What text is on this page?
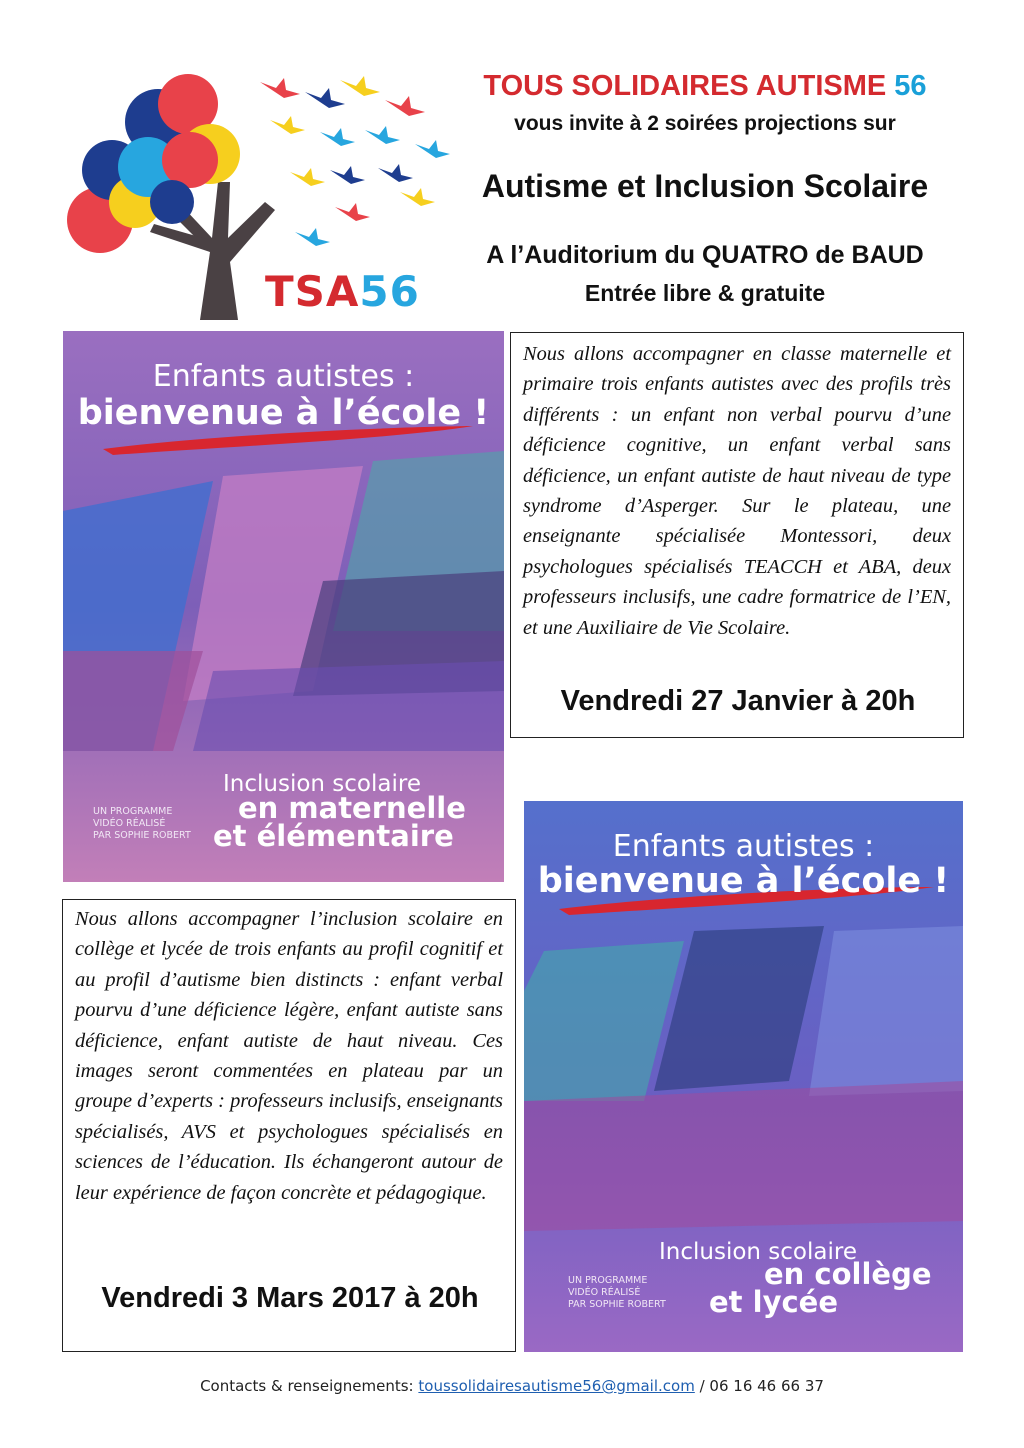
TSA56
TOUS SOLIDAIRES AUTISME 56
vous invite à 2 soirées projections sur
Autisme et Inclusion Scolaire
A l’Auditorium du QUATRO de BAUD
Entrée libre & gratuite
Enfants autistes :
bienvenue à l’école !
Inclusion scolaire
en maternelle
et élémentaire
UN PROGRAMME
VIDÉO RÉALISÉ
PAR SOPHIE ROBERT
Nous allons accompagner en classe maternelle et primaire trois enfants autistes avec des profils très différents : un enfant non verbal pourvu d’une déficience cognitive, un enfant verbal sans déficience, un enfant autiste de haut niveau de type syndrome d’Asperger. Sur le plateau, une enseignante spécialisée Montessori, deux psychologues spécialisés TEACCH et ABA, deux professeurs inclusifs, une cadre formatrice de l’EN, et une Auxiliaire de Vie Scolaire.
Vendredi 27 Janvier à 20h
Nous allons accompagner l’inclusion scolaire en collège et lycée de trois enfants au profil cognitif et au profil d’autisme bien distincts : enfant verbal pourvu d’une déficience légère, enfant autiste sans déficience, enfant autiste de haut niveau. Ces images seront commentées en plateau par un groupe d’experts : professeurs inclusifs, enseignants spécialisés, AVS et psychologues spécialisés en sciences de l’éducation. Ils échangeront autour de leur expérience de façon concrète et pédagogique.
Vendredi 3 Mars 2017 à 20h
Enfants autistes :
bienvenue à l’école !
Inclusion scolaire
en collège
et lycée
UN PROGRAMME
VIDÉO RÉALISÉ
PAR SOPHIE ROBERT
Contacts & renseignements: toussolidairesautisme56@gmail.com / 06 16 46 66 37
